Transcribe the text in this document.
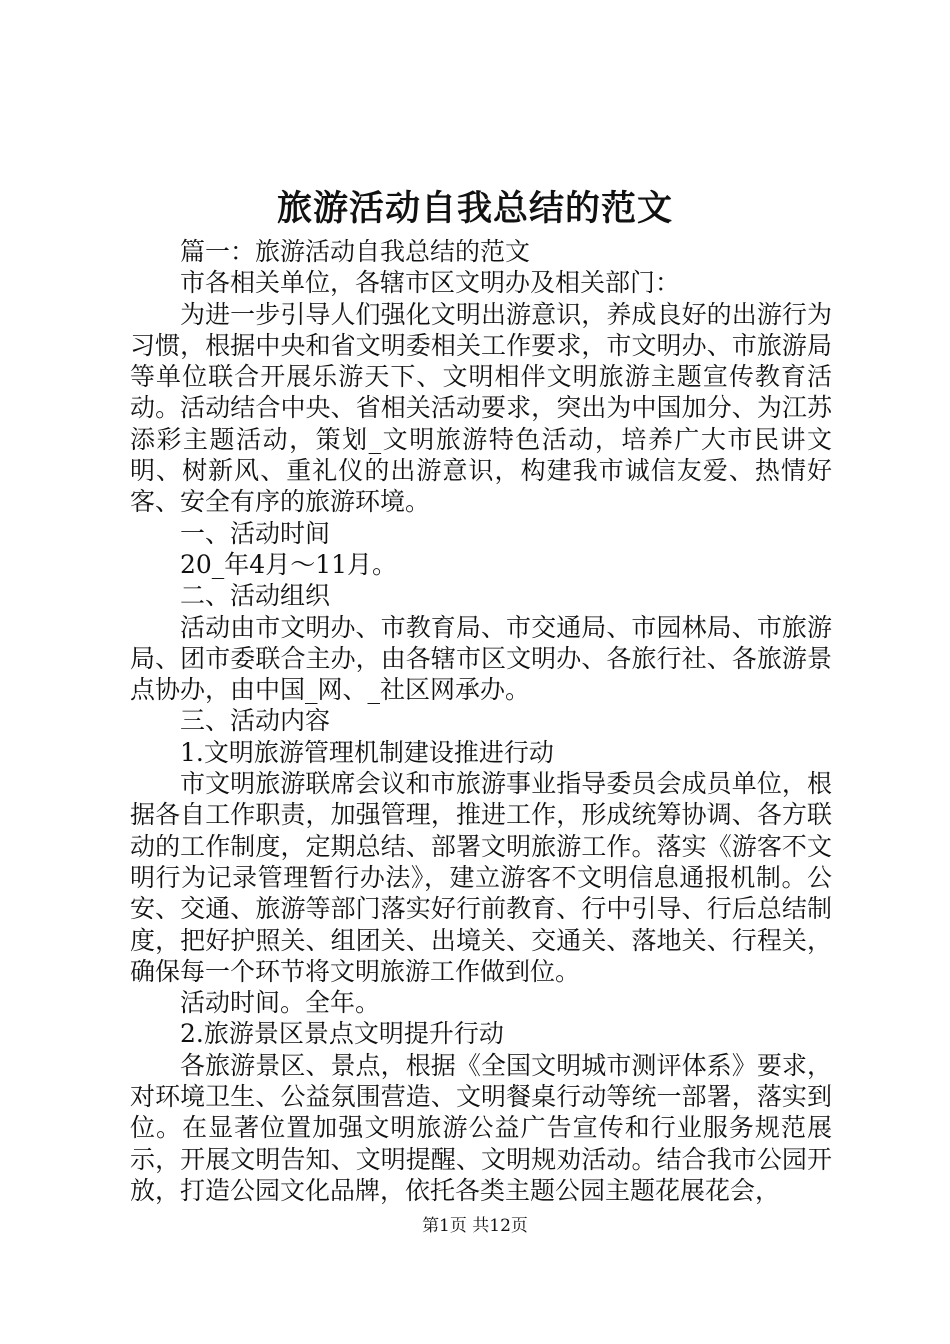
旅游活动自我总结的范文

篇一：旅游活动自我总结的范文

市各相关单位，各辖市区文明办及相关部门：

为进一步引导人们强化文明出游意识，养成良好的出游行为习惯，根据中央和省文明委相关工作要求，市文明办、市旅游局等单位联合开展乐游天下、文明相伴文明旅游主题宣传教育活动。活动结合中央、省相关活动要求，突出为中国加分、为江苏添彩主题活动，策划_文明旅游特色活动，培养广大市民讲文明、树新风、重礼仪的出游意识，构建我市诚信友爱、热情好客、安全有序的旅游环境。

一、活动时间

20_年4月～11月。

二、活动组织

活动由市文明办、市教育局、市交通局、市园林局、市旅游局、团市委联合主办，由各辖市区文明办、各旅行社、各旅游景点协办，由中国_网、_社区网承办。

三、活动内容

1.文明旅游管理机制建设推进行动

市文明旅游联席会议和市旅游事业指导委员会成员单位，根据各自工作职责，加强管理，推进工作，形成统筹协调、各方联动的工作制度，定期总结、部署文明旅游工作。落实《游客不文明行为记录管理暂行办法》，建立游客不文明信息通报机制。公安、交通、旅游等部门落实好行前教育、行中引导、行后总结制度，把好护照关、组团关、出境关、交通关、落地关、行程关，确保每一个环节将文明旅游工作做到位。

活动时间。全年。

2.旅游景区景点文明提升行动

各旅游景区、景点，根据《全国文明城市测评体系》要求，对环境卫生、公益氛围营造、文明餐桌行动等统一部署，落实到位。在显著位置加强文明旅游公益广告宣传和行业服务规范展示，开展文明告知、文明提醒、文明规劝活动。结合我市公园开放，打造公园文化品牌，依托各类主题公园主题花展花会，

第1页 共12页
